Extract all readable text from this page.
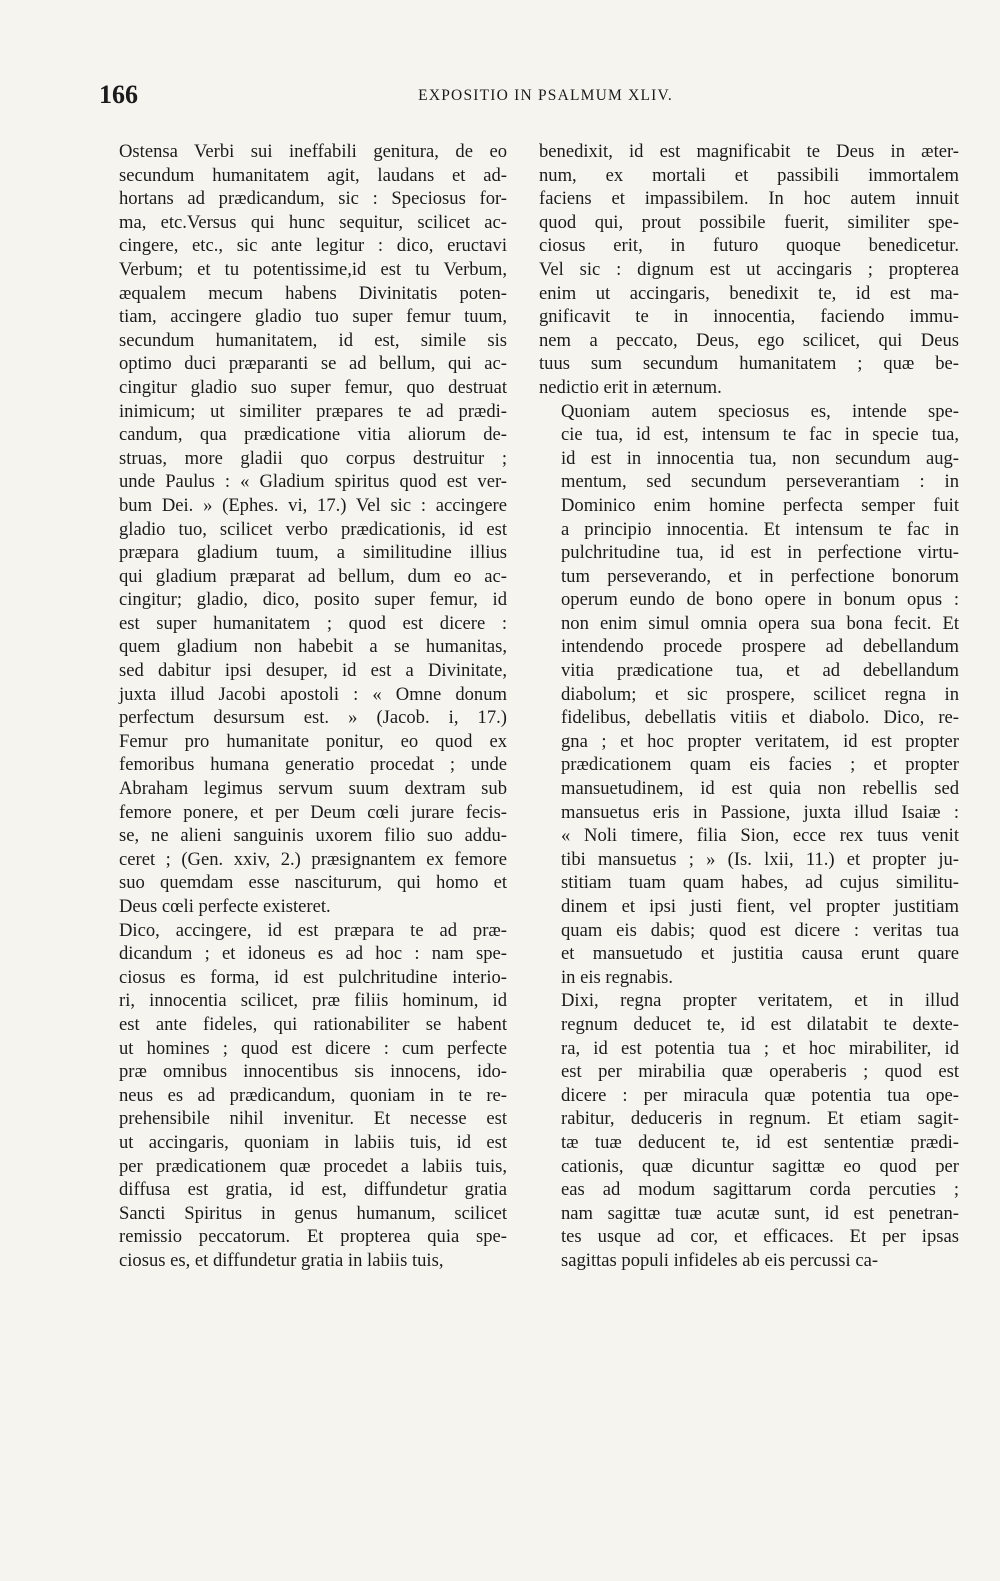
166	EXPOSITIO IN PSALMUM XLIV.

Ostensa Verbi sui ineffabili genitura, de eo
secundum humanitatem agit, laudans et ad-
hortans ad prædicandum, sic : Speciosus for-
ma, etc.Versus qui hunc sequitur, scilicet ac-
cingere, etc., sic ante legitur : dico, eructavi
Verbum; et tu potentissime,id est tu Verbum,
æqualem mecum habens Divinitatis poten-
tiam, accingere gladio tuo super femur tuum,
secundum humanitatem, id est, simile sis
optimo duci præparanti se ad bellum, qui ac-
cingitur gladio suo super femur, quo destruat
inimicum; ut similiter præpares te ad prædi-
candum, qua prædicatione vitia aliorum de-
struas, more gladii quo corpus destruitur ;
unde Paulus : « Gladium spiritus quod est ver-
bum Dei. » (Ephes. vi, 17.) Vel sic : accingere
gladio tuo, scilicet verbo prædicationis, id est
præpara gladium tuum, a similitudine illius
qui gladium præparat ad bellum, dum eo ac-
cingitur; gladio, dico, posito super femur, id
est super humanitatem ; quod est dicere :
quem gladium non habebit a se humanitas,
sed dabitur ipsi desuper, id est a Divinitate,
juxta illud Jacobi apostoli : « Omne donum
perfectum desursum est. » (Jacob. i, 17.)
Femur pro humanitate ponitur, eo quod ex
femoribus humana generatio procedat ; unde
Abraham legimus servum suum dextram sub
femore ponere, et per Deum cœli jurare fecis-
se, ne alieni sanguinis uxorem filio suo addu-
ceret ; (Gen. xxiv, 2.) præsignantem ex femore
suo quemdam esse nasciturum, qui homo et
Deus cœli perfecte existeret.

Dico, accingere, id est præpara te ad præ-
dicandum ; et idoneus es ad hoc : nam spe-
ciosus es forma, id est pulchritudine interio-
ri, innocentia scilicet, præ filiis hominum, id
est ante fideles, qui rationabiliter se habent
ut homines ; quod est dicere : cum perfecte
præ omnibus innocentibus sis innocens, ido-
neus es ad prædicandum, quoniam in te re-
prehensibile nihil invenitur. Et necesse est
ut accingaris, quoniam in labiis tuis, id est
per prædicationem quæ procedet a labiis tuis,
diffusa est gratia, id est, diffundetur gratia
Sancti Spiritus in genus humanum, scilicet
remissio peccatorum. Et propterea quia spe-
ciosus es, et diffundetur gratia in labiis tuis,

benedixit, id est magnificabit te Deus in æter-
num, ex mortali et passibili immortalem
faciens et impassibilem. In hoc autem innuit
quod qui, prout possibile fuerit, similiter spe-
ciosus erit, in futuro quoque benedicetur.
Vel sic : dignum est ut accingaris ; propterea
enim ut accingaris, benedixit te, id est ma-
gnificavit te in innocentia, faciendo immu-
nem a peccato, Deus, ego scilicet, qui Deus
tuus sum secundum humanitatem ; quæ be-
nedictio erit in æternum.

Quoniam autem speciosus es, intende spe-
cie tua, id est, intensum te fac in specie tua,
id est in innocentia tua, non secundum aug-
mentum, sed secundum perseverantiam : in
Dominico enim homine perfecta semper fuit
a principio innocentia. Et intensum te fac in
pulchritudine tua, id est in perfectione virtu-
tum perseverando, et in perfectione bonorum
operum eundo de bono opere in bonum opus :
non enim simul omnia opera sua bona fecit. Et
intendendo procede prospere ad debellandum
vitia prædicatione tua, et ad debellandum
diabolum; et sic prospere, scilicet regna in
fidelibus, debellatis vitiis et diabolo. Dico, re-
gna ; et hoc propter veritatem, id est propter
prædicationem quam eis facies ; et propter
mansuetudinem, id est quia non rebellis sed
mansuetus eris in Passione, juxta illud Isaiæ :
« Noli timere, filia Sion, ecce rex tuus venit
tibi mansuetus ; » (Is. lxii, 11.) et propter ju-
stitiam tuam quam habes, ad cujus similitu-
dinem et ipsi justi fient, vel propter justitiam
quam eis dabis; quod est dicere : veritas tua
et mansuetudo et justitia causa erunt quare
in eis regnabis.

Dixi, regna propter veritatem, et in illud
regnum deducet te, id est dilatabit te dexte-
ra, id est potentia tua ; et hoc mirabiliter, id
est per mirabilia quæ operaberis ; quod est
dicere : per miracula quæ potentia tua ope-
rabitur, deduceris in regnum. Et etiam sagit-
tæ tuæ deducent te, id est sententiæ prædi-
cationis, quæ dicuntur sagittæ eo quod per
eas ad modum sagittarum corda percuties ;
nam sagittæ tuæ acutæ sunt, id est penetran-
tes usque ad cor, et efficaces. Et per ipsas
sagittas populi infideles ab eis percussi ca-
